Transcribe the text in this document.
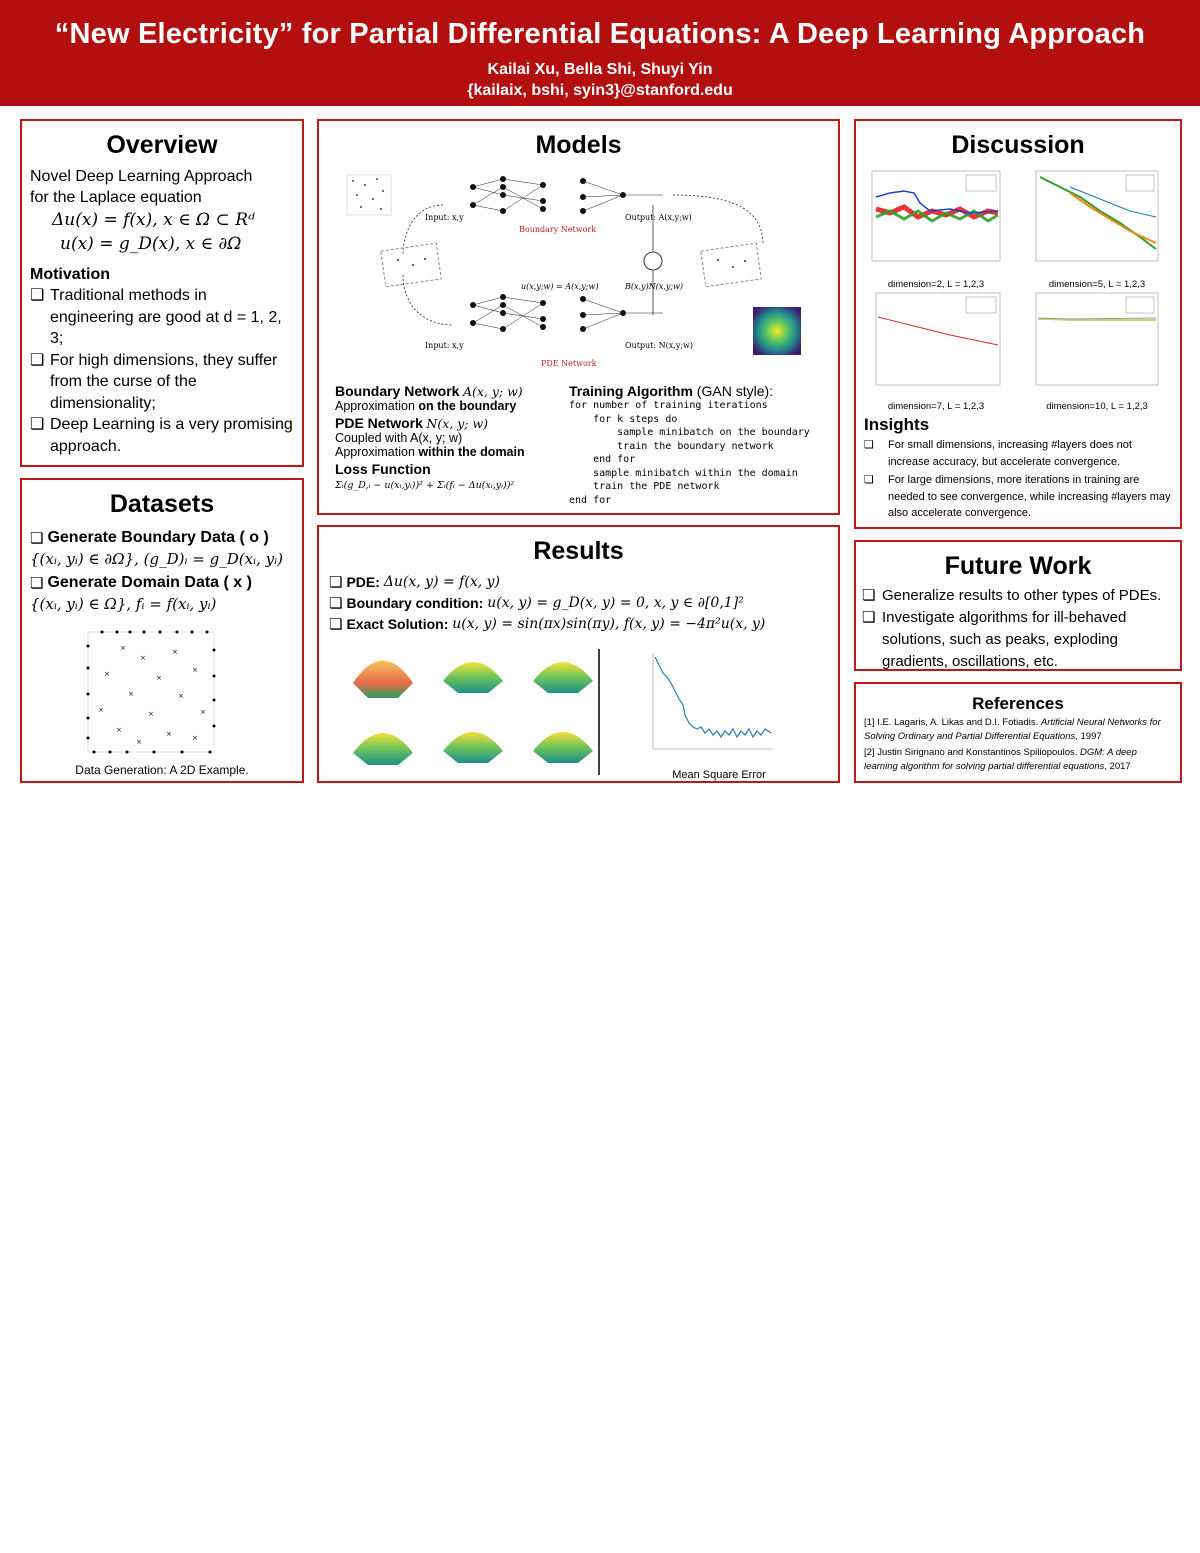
“New Electricity” for Partial Differential Equations: A Deep Learning Approach
Kailai Xu, Bella Shi, Shuyi Yin
{kailaix, bshi, syin3}@stanford.edu
Overview
Novel Deep Learning Approach
for the Laplace equation
Δu(x) = f(x), x ∈ Ω ⊂ Rᵈ
u(x) = g_D(x), x ∈ ∂Ω
Motivation
❏ Traditional methods in engineering are good at d = 1, 2, 3;
❏ For high dimensions, they suffer from the curse of the dimensionality;
❏ Deep Learning is a very promising approach.
Datasets
❏ Generate Boundary Data ( o )
{(xᵢ, yᵢ) ∈ ∂Ω}, (g_D)ᵢ = g_D(xᵢ, yᵢ)
❏ Generate Domain Data ( x )
{(xᵢ, yᵢ) ∈ Ω}, fᵢ = f(xᵢ, yᵢ)
×
×
×
×	×
×
×	×
×	×	×
×	×	×
×
Data Generation: A 2D Example.
Models
Input: x,y	Output: A(x,y;w)
Boundary Network
u(x,y;w) = A(x,y;w)	B(x,y)N(x,y;w)
Input: x,y	Output: N(x,y;w)
PDE Network
Boundary Network A(x, y; w)
Approximation on the boundary
PDE Network N(x, y; w)
Coupled with A(x, y; w)
Approximation within the domain
Loss Function
Σᵢ(g_D,ᵢ − u(xᵢ,yᵢ))² + Σᵢ(fᵢ − Δu(xᵢ,yᵢ))²
Training Algorithm (GAN style):
for number of training iterations
for k steps do
sample minibatch on the boundary
train the boundary network
end for
sample minibatch within the domain
train the PDE network
end for
Results
❏ PDE:
Δu(x, y) = f(x, y)
❏ Boundary condition:
u(x, y) = g_D(x, y) = 0, x, y ∈ ∂[0,1]²
❏ Exact Solution:
u(x, y) = sin(πx)sin(πy), f(x, y) = −4π²u(x, y)
Mean Square Error
Discussion
dimension=2, L = 1,2,3	dimension=5, L = 1,2,3
dimension=7, L = 1,2,3	dimension=10, L = 1,2,3
Insights
❏	For small dimensions, increasing #layers does not increase accuracy, but accelerate convergence.
❏	For large dimensions, more iterations in training are needed to see convergence, while increasing #layers may also accelerate convergence.
Future Work
❏ Generalize results to other types of PDEs.
❏ Investigate algorithms for ill-behaved solutions, such as peaks, exploding gradients, oscillations, etc.
References
[1] I.E. Lagaris, A. Likas and D.I. Fotiadis. Artificial Neural Networks for Solving Ordinary and Partial Differential Equations, 1997
[2] Justin Sirignano and Konstantinos Spiliopoulos. DGM: A deep learning algorithm for solving partial differential equations, 2017
